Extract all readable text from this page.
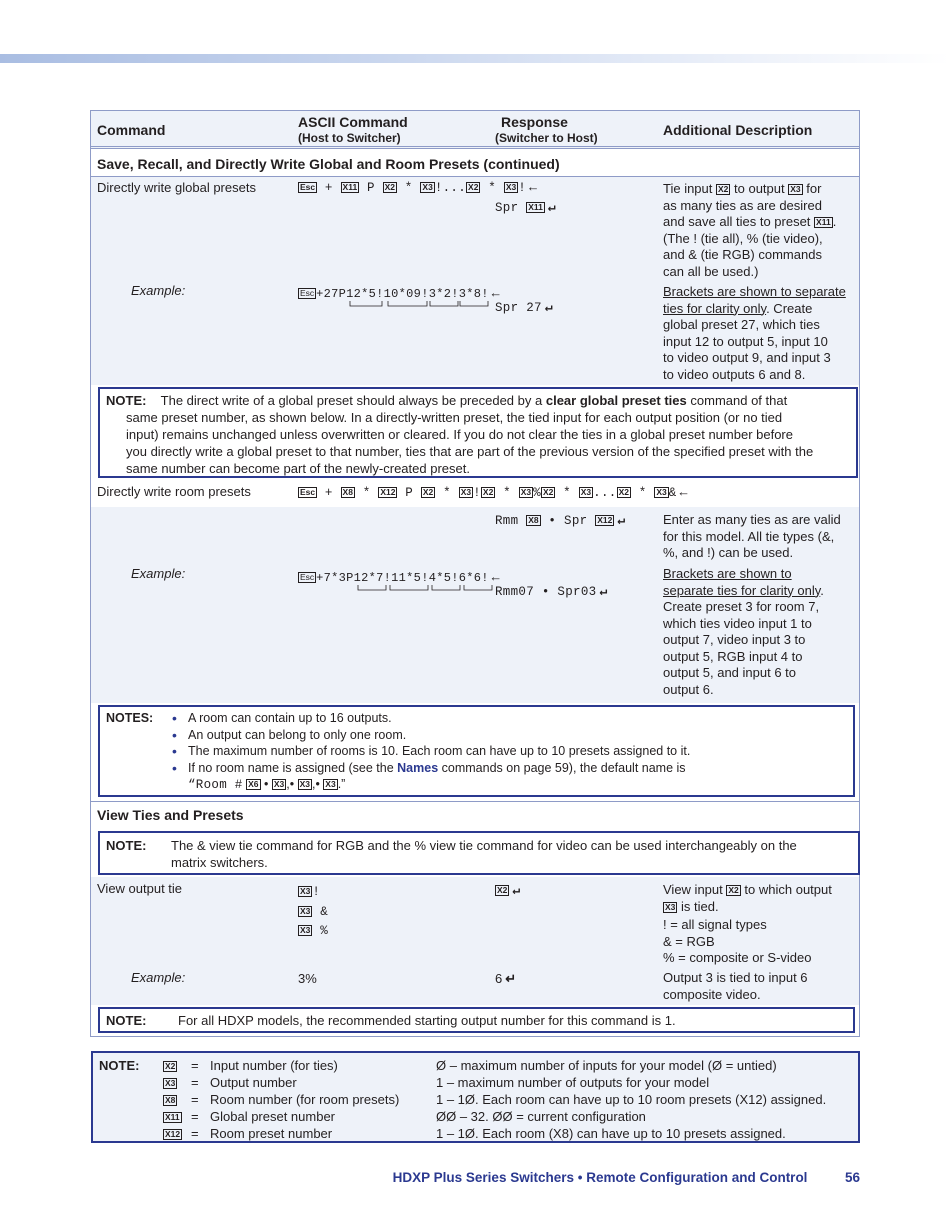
Command	ASCII Command
(Host to Switcher)
Response
(Switcher to Host)	Additional Description
Save, Recall, and Directly Write Global and Room Presets (continued)
Directly write global presets	Esc + X11 P X2 * X3 !... X2 * X3 ! ←
Spr X11 ↵
Tie input X2 to output X3 for
as many ties as are desired
and save all ties to preset X11 .
(The ! (tie all), % (tie video),
and & (tie RGB) commands
can all be used.)
Example:	Esc +27P12*5!10*09!3*2!3*8! ←
Spr 27 ↵
Brackets are shown to separate
ties for clarity only. Create
global preset 27, which ties
input 12 to output 5, input 10
to video output 9, and input 3
to video outputs 6 and 8.
NOTE: The direct write of a global preset should always be preceded by a clear global preset ties command of that
same preset number, as shown below. In a directly-written preset, the tied input for each output position (or no tied
input) remains unchanged unless overwritten or cleared. If you do not clear the ties in a global preset number before
you directly write a global preset to that number, ties that are part of the previous version of the specified preset with the
same number can become part of the newly-created preset.
Directly write room presets	Esc + X8 * X12 P X2 * X3 ! X2 * X3 % X2 * X3 ... X2 * X3 & ←
Rmm X8 • Spr X12 ↵	Enter as many ties as are valid
for this model. All tie types (&,
%, and !) can be used.
Example:	Esc +7*3P12*7!11*5!4*5!6*6! ←
Rmm07 • Spr03 ↵
Brackets are shown to
separate ties for clarity only.
Create preset 3 for room 7,
which ties video input 1 to
output 7, video input 3 to
output 5, RGB input 4 to
output 5, and input 6 to
output 6.
NOTES:
•	A room can contain up to 16 outputs.
• An output can belong to only one room.
• The maximum number of rooms is 10. Each room can have up to 10 presets assigned to it.
• If no room name is assigned (see the Names commands on page 59), the default name is
“Room # X6 • X3 ,• X3 ,• X3 .”
View Ties and Presets
NOTE:	The & view tie command for RGB and the % view tie command for video can be used interchangeably on the
matrix switchers.
View output tie	X3 !
X3 &
X3 %
X2 ↵	View input X2 to which output
X3 is tied.
! = all signal types
& = RGB
% = composite or S-video
Example:	3%	6 ↵	Output 3 is tied to input 6
composite video.
NOTE:	For all HDXP models, the recommended starting output number for this command is 1.
NOTE:	X2
X3
X8
X11
X12
=
=
=
=
=
Input number (for ties)
Output number
Room number (for room presets)
Global preset number
Room preset number
Ø – maximum number of inputs for your model (Ø = untied)
1 – maximum number of outputs for your model
1 – 1Ø. Each room can have up to 10 room presets (X12) assigned.
ØØ – 32. ØØ = current configuration
1 – 1Ø. Each room (X8) can have up to 10 presets assigned.
HDXP Plus Series Switchers • Remote Configuration and Control	56
